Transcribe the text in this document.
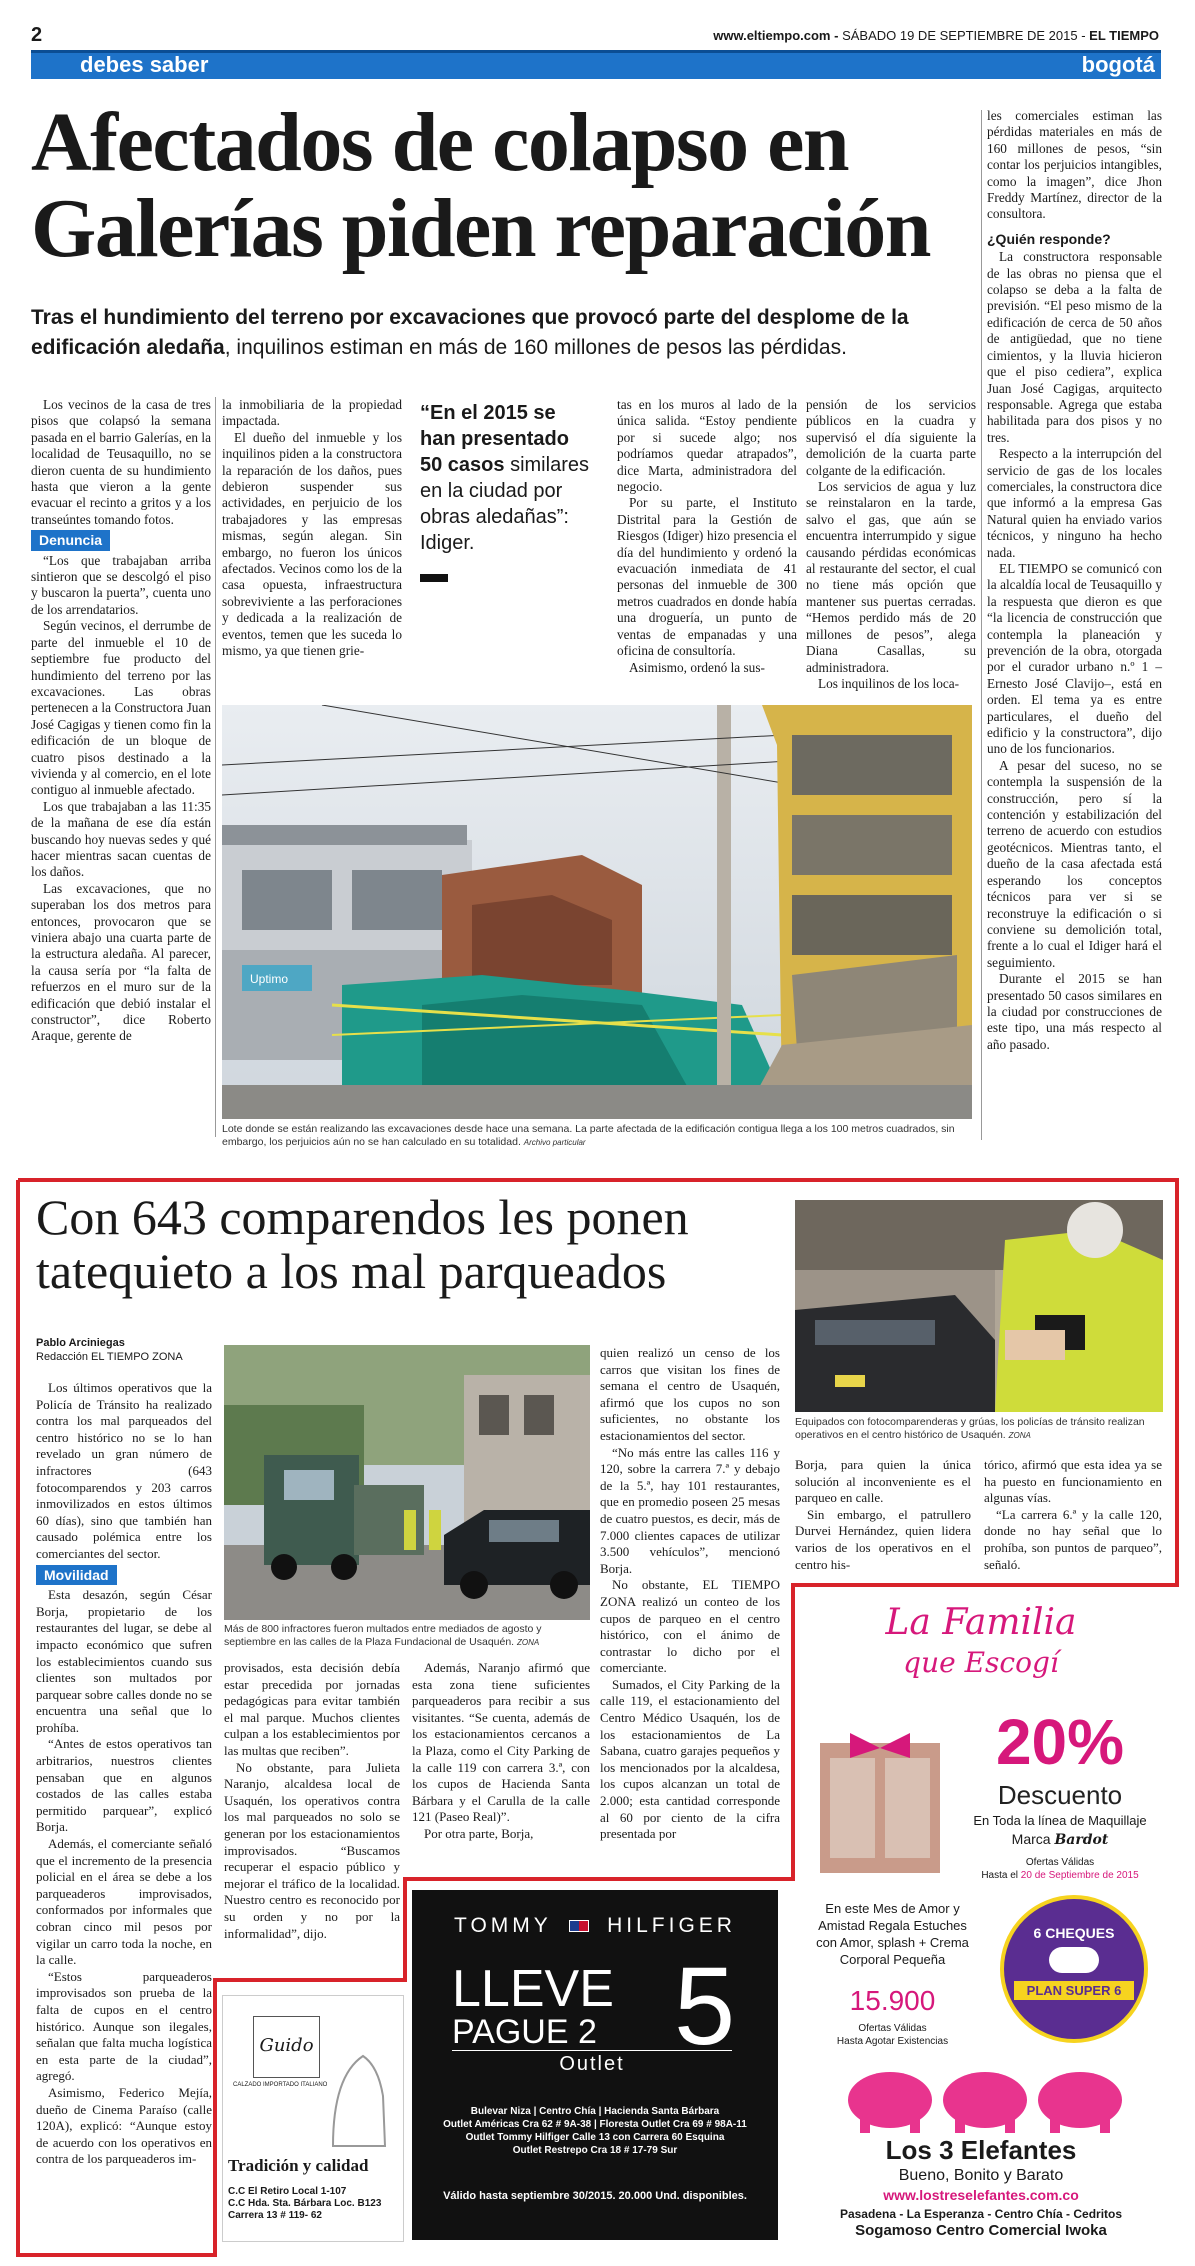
2	www.eltiempo.com - SÁBADO 19 DE SEPTIEMBRE DE 2015 - EL TIEMPO
debes saber	bogotá
Afectados de colapso en
Galerías piden reparación
Tras el hundimiento del terreno por excavaciones que provocó parte del desplome de la edificación aledaña, inquilinos estiman en más de 160 millones de pesos las pérdidas.

Los vecinos de la casa de tres pisos que colapsó la semana pasada en el barrio Galerías, en la localidad de Teusaquillo, no se dieron cuenta de su hundimiento hasta que vieron a la gente evacuar el recinto a gritos y a los transeúntes tomando fotos.

Denuncia

“Los que trabajaban arriba sintieron que se descolgó el piso y buscaron la puerta”, cuenta uno de los arrendatarios.

Según vecinos, el derrumbe de parte del inmueble el 10 de septiembre fue producto del hundimiento del terreno por las excavaciones. Las obras pertenecen a la Constructora Juan José Cagigas y tienen como fin la edificación de un bloque de cuatro pisos destinado a la vivienda y al comercio, en el lote contiguo al inmueble afectado.

Los que trabajaban a las 11:35 de la mañana de ese día están buscando hoy nuevas sedes y qué hacer mientras sacan cuentas de los daños.

Las excavaciones, que no superaban los dos metros para entonces, provocaron que se viniera abajo una cuarta parte de la estructura aledaña. Al parecer, la causa sería por “la falta de refuerzos en el muro sur de la edificación que debió instalar el constructor”, dice Roberto Araque, gerente de

la inmobiliaria de la propiedad impactada.

El dueño del inmueble y los inquilinos piden a la constructora la reparación de los daños, pues debieron suspender sus actividades, en perjuicio de los trabajadores y las empresas mismas, según alegan. Sin embargo, no fueron los únicos afectados. Vecinos como los de la casa opuesta, infraestructura sobreviviente a las perforaciones y dedicada a la realización de eventos, temen que les suceda lo mismo, ya que tienen grie-

“En el 2015 se han presentado 50 casos similares en la ciudad por obras aledañas”: Idiger.

tas en los muros al lado de la única salida. “Estoy pendiente por si sucede algo; nos podríamos quedar atrapados”, dice Marta, administradora del negocio.

Por su parte, el Instituto Distrital para la Gestión de Riesgos (Idiger) hizo presencia el día del hundimiento y ordenó la evacuación inmediata de 41 personas del inmueble de 300 metros cuadrados en donde había una droguería, un punto de ventas de empanadas y una oficina de consultoría.

Asimismo, ordenó la sus-

pensión de los servicios públicos en la cuadra y supervisó el día siguiente la demolición de la cuarta parte colgante de la edificación.

Los servicios de agua y luz se reinstalaron en la tarde, salvo el gas, que aún se encuentra interrumpido y sigue causando pérdidas económicas al restaurante del sector, el cual no tiene más opción que mantener sus puertas cerradas. “Hemos perdido más de 20 millones de pesos”, alega Diana Casallas, su administradora.

Los inquilinos de los loca-

les comerciales estiman las pérdidas materiales en más de 160 millones de pesos, “sin contar los perjuicios intangibles, como la imagen”, dice Jhon Freddy Martínez, director de la consultora.

¿Quién responde?

La constructora responsable de las obras no piensa que el colapso se deba a la falta de previsión. “El peso mismo de la edificación de cerca de 50 años de antigüedad, que no tiene cimientos, y la lluvia hicieron que el piso cediera”, explica Juan José Cagigas, arquitecto responsable. Agrega que estaba habilitada para dos pisos y no tres.

Respecto a la interrupción del servicio de gas de los locales comerciales, la constructora dice que informó a la empresa Gas Natural quien ha enviado varios técnicos, y ninguno ha hecho nada.

EL TIEMPO se comunicó con la alcaldía local de Teusaquillo y la respuesta que dieron es que “la licencia de construcción que contempla la planeación y prevención de la obra, otorgada por el curador urbano n.º 1 –Ernesto José Clavijo–, está en orden. El tema ya es entre particulares, el dueño del edificio y la constructora”, dijo uno de los funcionarios.

A pesar del suceso, no se contempla la suspensión de la construcción, pero sí la contención y estabilización del terreno de acuerdo con estudios geotécnicos. Mientras tanto, el dueño de la casa afectada está esperando los conceptos técnicos para ver si se reconstruye la edificación o si conviene su demolición total, frente a lo cual el Idiger hará el seguimiento.

Durante el 2015 se han presentado 50 casos similares en la ciudad por construcciones de este tipo, una más respecto al año pasado.

Uptimo
Lote donde se están realizando las excavaciones desde hace una semana. La parte afectada de la edificación contigua llega a los 100 metros cuadrados, sin embargo, los perjuicios aún no se han calculado en su totalidad. Archivo particular
Con 643 comparendos les ponen
tatequieto a los mal parqueados
Pablo Arciniegas
Redacción EL TIEMPO ZONA

Los últimos operativos que la Policía de Tránsito ha realizado contra los mal parqueados del centro histórico no se lo han revelado un gran número de infractores (643 fotocomparendos y 203 carros inmovilizados en estos últimos 60 días), sino que también han causado polémica entre los comerciantes del sector.

Movilidad

Esta desazón, según César Borja, propietario de los restaurantes del lugar, se debe al impacto económico que sufren los establecimientos cuando sus clientes son multados por parquear sobre calles donde no se encuentra una señal que lo prohíba.

“Antes de estos operativos tan arbitrarios, nuestros clientes pensaban que en algunos costados de las calles estaba permitido parquear”, explicó Borja.

Además, el comerciante señaló que el incremento de la presencia policial en el área se debe a los parqueaderos improvisados, conformados por informales que cobran cinco mil pesos por vigilar un carro toda la noche, en la calle.

“Estos parqueaderos improvisados son prueba de la falta de cupos en el centro histórico. Aunque son ilegales, señalan que falta mucha logística en esta parte de la ciudad”, agregó.

Asimismo, Federico Mejía, dueño de Cinema Paraíso (calle 120A), explicó: “Aunque estoy de acuerdo con los operativos en contra de los parqueaderos im-

Más de 800 infractores fueron multados entre mediados de agosto y septiembre en las calles de la Plaza Fundacional de Usaquén. ZONA

provisados, esta decisión debía estar precedida por jornadas pedagógicas para evitar también el mal parque. Muchos clientes culpan a los establecimientos por las multas que reciben”.

No obstante, para Julieta Naranjo, alcaldesa local de Usaquén, los operativos contra los mal parqueados no solo se generan por los estacionamientos improvisados. “Buscamos recuperar el espacio público y mejorar el tráfico de la localidad. Nuestro centro es reconocido por su orden y no por la informalidad”, dijo.

Además, Naranjo afirmó que esta zona tiene suficientes parqueaderos para recibir a sus visitantes. “Se cuenta, además de los estacionamientos cercanos a la Plaza, como el City Parking de la calle 119 con carrera 3.ª, con los cupos de Hacienda Santa Bárbara y el Carulla de la calle 121 (Paseo Real)”.

Por otra parte, Borja,

quien realizó un censo de los carros que visitan los fines de semana el centro de Usaquén, afirmó que los cupos no son suficientes, no obstante los estacionamientos del sector.

“No más entre las calles 116 y 120, sobre la carrera 7.ª y debajo de la 5.ª, hay 101 restaurantes, que en promedio poseen 25 mesas de cuatro puestos, es decir, más de 7.000 clientes capaces de utilizar 3.500 vehículos”, mencionó Borja.

No obstante, EL TIEMPO ZONA realizó un conteo de los cupos de parqueo en el centro histórico, con el ánimo de contrastar lo dicho por el comerciante.

Sumados, el City Parking de la calle 119, el estacionamiento del Centro Médico Usaquén, los de los estacionamientos de La Sabana, cuatro garajes pequeños y los mencionados por la alcaldesa, los cupos alcanzan un total de 2.000; esta cantidad corresponde al 60 por ciento de la cifra presentada por

Equipados con fotocomparenderas y grúas, los policías de tránsito realizan operativos en el centro histórico de Usaquén. ZONA

Borja, para quien la única solución al inconveniente es el parqueo en calle.

Sin embargo, el patrullero Durvei Hernández, quien lidera varios de los operativos en el centro his-

tórico, afirmó que esta idea ya se ha puesto en funcionamiento en algunas vías.

“La carrera 6.ª y la calle 120, donde no hay señal que lo prohíba, son puntos de parqueo”, señaló.

La Familia
que Escogí
20%
Descuento
En Toda la línea de Maquillaje
Marca Bardot
Ofertas Válidas
Hasta el 20 de Septiembre de 2015
En este Mes de Amor y Amistad Regala Estuches con Amor, splash + Crema Corporal Pequeña
15.900
Ofertas Válidas
Hasta Agotar Existencias
6 CHEQUES
PLAN SUPER 6
Los 3 Elefantes
Bueno, Bonito y Barato
www.lostreselefantes.com.co
Pasadena - La Esperanza - Centro Chía - Cedritos
Sogamoso Centro Comercial Iwoka
TOMMY	HILFIGER
LLEVE
PAGUE 2 5
Outlet
Bulevar Niza | Centro Chía | Hacienda Santa Bárbara
Outlet Américas Cra 62 # 9A-38 | Floresta Outlet Cra 69 # 98A-11
Outlet Tommy Hilfiger Calle 13 con Carrera 60 Esquina
Outlet Restrepo Cra 18 # 17-79 Sur
Válido hasta septiembre 30/2015. 20.000 Und. disponibles.
Guido
CALZADO IMPORTADO ITALIANO
Tradición y calidad
C.C El Retiro Local 1-107
C.C Hda. Sta. Bárbara Loc. B123
Carrera 13 # 119- 62
